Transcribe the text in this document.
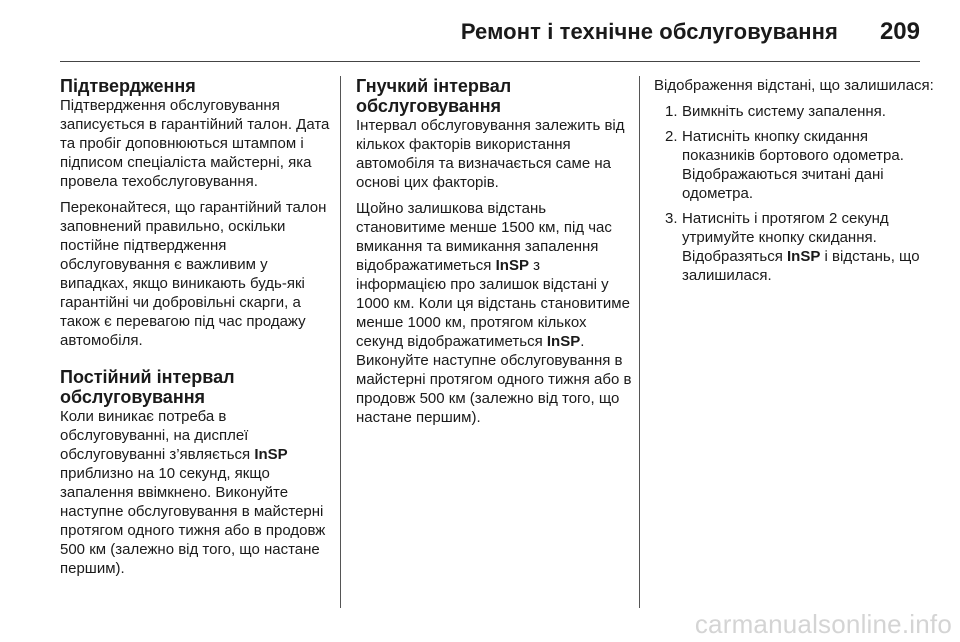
Ремонт і технічне обслуговування 209
Підтвердження

Підтвердження обслуговування записується в гарантійний талон. Дата та пробіг доповнюються штампом і підписом спеціаліста майстерні, яка провела техобслуговування.

Переконайтеся, що гарантійний талон заповнений правильно, оскільки постійне підтвердження обслуговування є важливим у випадках, якщо виникають будь-які гарантійні чи добровільні скарги, а також є перевагою під час продажу автомобіля.

Постійний інтервал
обслуговування

Коли виникає потреба в обслуговуванні, на дисплеї обслуговуванні з’являється InSP приблизно на 10 секунд, якщо запалення ввімкнено. Виконуйте наступне обслуговування в майстерні протягом одного тижня або в продовж 500 км (залежно від того, що настане першим).

Гнучкий інтервал
обслуговування

Інтервал обслуговування залежить від кількох факторів використання автомобіля та визначається саме на основі цих факторів.

Щойно залишкова відстань становитиме менше 1500 км, під час вмикання та вимикання запалення відображатиметься InSP з інформацією про залишок відстані у 1000 км. Коли ця відстань становитиме менше 1000 км, протягом кількох секунд відображатиметься InSP.

Виконуйте наступне обслуговування в майстерні протягом одного тижня або в продовж 500 км (залежно від того, що настане першим).

Відображення відстані, що залишилася:

1. Вимкніть систему запалення.
2. Натисніть кнопку скидання показників бортового одометра. Відображаються зчитані дані одометра.
3. Натисніть і протягом 2 секунд утримуйте кнопку скидання. Відобразяться InSP і відстань, що залишилася.
carmanualsonline.info
